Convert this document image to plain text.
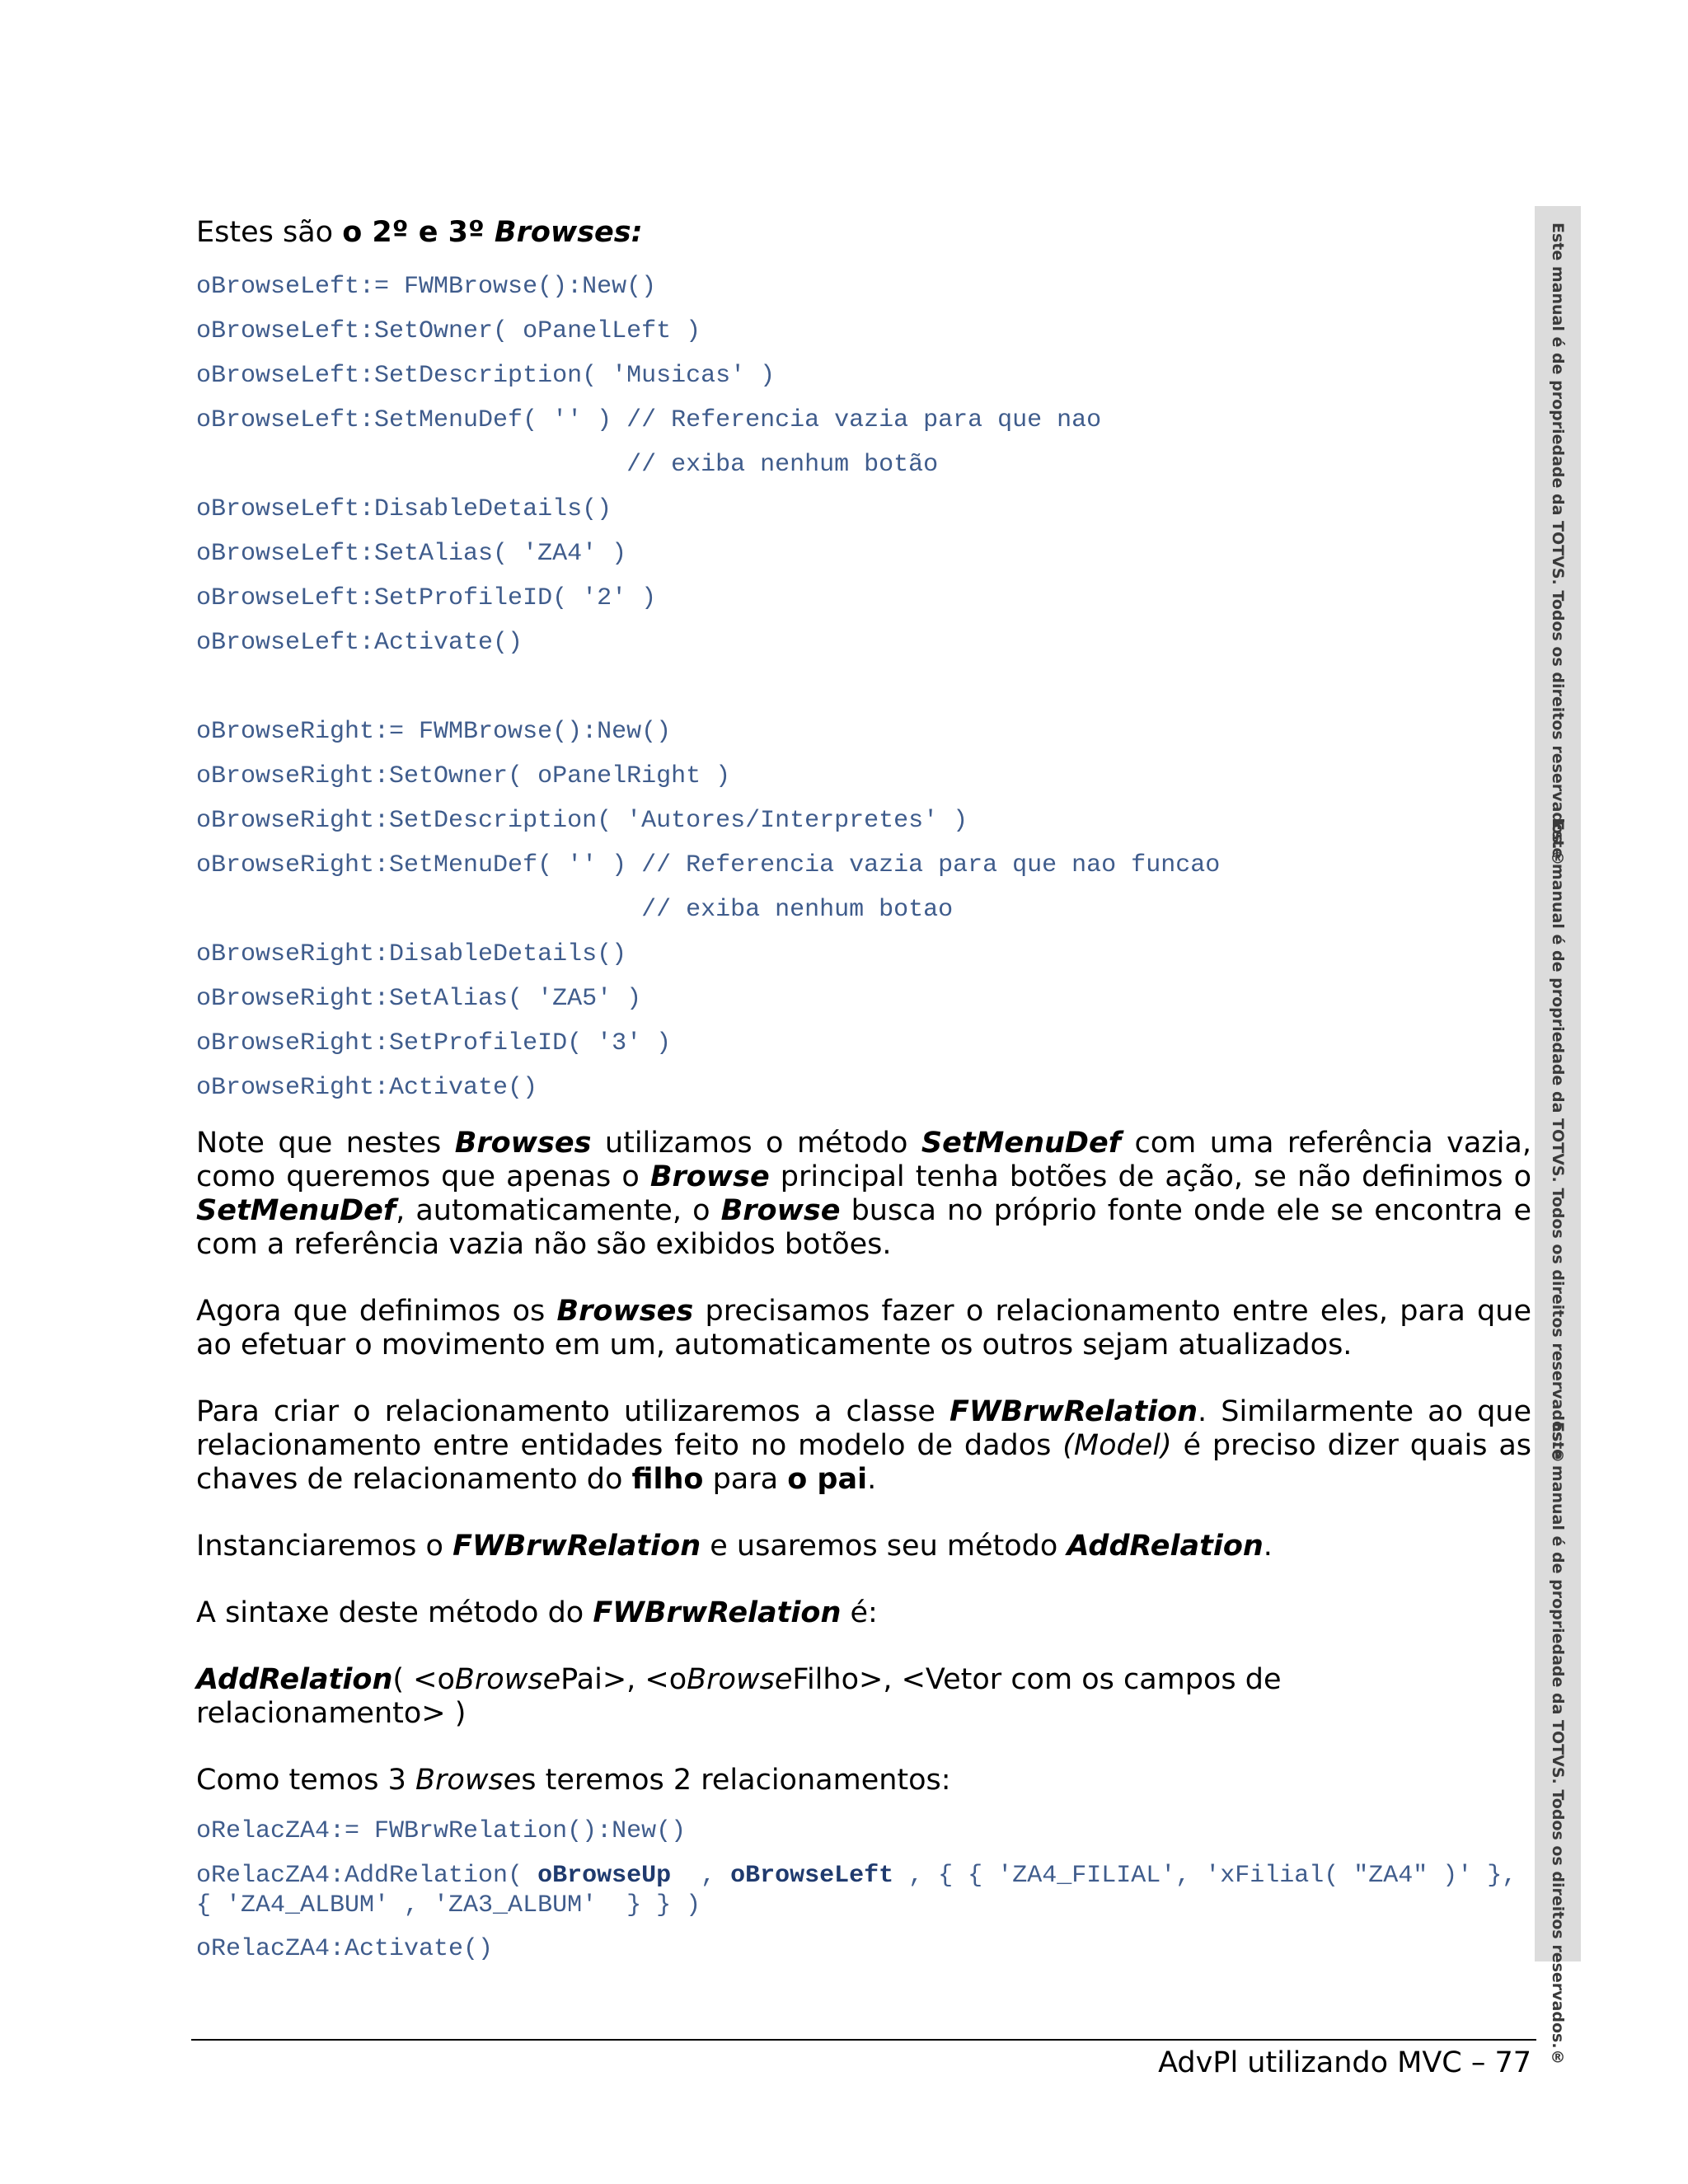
Estes são o 2º e 3º Browses:

oBrowseLeft:= FWMBrowse():New()
oBrowseLeft:SetOwner( oPanelLeft )
oBrowseLeft:SetDescription( 'Musicas' )
oBrowseLeft:SetMenuDef( '' ) // Referencia vazia para que nao
// exiba nenhum botão
oBrowseLeft:DisableDetails()
oBrowseLeft:SetAlias( 'ZA4' )
oBrowseLeft:SetProfileID( '2' )
oBrowseLeft:Activate()
oBrowseRight:= FWMBrowse():New()
oBrowseRight:SetOwner( oPanelRight )
oBrowseRight:SetDescription( 'Autores/Interpretes' )
oBrowseRight:SetMenuDef( '' ) // Referencia vazia para que nao funcao
// exiba nenhum botao
oBrowseRight:DisableDetails()
oBrowseRight:SetAlias( 'ZA5' )
oBrowseRight:SetProfileID( '3' )
oBrowseRight:Activate()

Note que nestes Browses utilizamos o método SetMenuDef com uma referência vazia, como queremos que apenas o Browse principal tenha botões de ação, se não definimos o SetMenuDef, automaticamente, o Browse busca no próprio fonte onde ele se encontra e com a referência vazia não são exibidos botões.

Agora que definimos os Browses precisamos fazer o relacionamento entre eles, para que ao efetuar o movimento em um, automaticamente os outros sejam atualizados.

Para criar o relacionamento utilizaremos a classe FWBrwRelation. Similarmente ao que relacionamento entre entidades feito no modelo de dados (Model) é preciso dizer quais as chaves de relacionamento do filho para o pai.

Instanciaremos o FWBrwRelation e usaremos seu método AddRelation.

A sintaxe deste método do FWBrwRelation é:

AddRelation( <oBrowsePai>, <oBrowseFilho>, <Vetor com os campos de relacionamento> )

Como temos 3 Browses teremos 2 relacionamentos:

oRelacZA4:= FWBrwRelation():New()
oRelacZA4:AddRelation( oBrowseUp  , oBrowseLeft , { { 'ZA4_FILIAL', 'xFilial( "ZA4" )' }, { 'ZA4_ALBUM' , 'ZA3_ALBUM'  } } )
oRelacZA4:Activate()
Este manual é de propriedade da TOTVS. Todos os direitos reservados.®
Este manual é de propriedade da TOTVS. Todos os direitos reservados.®
Este manual é de propriedade da TOTVS. Todos os direitos reservados.®
AdvPl utilizando MVC – 77
